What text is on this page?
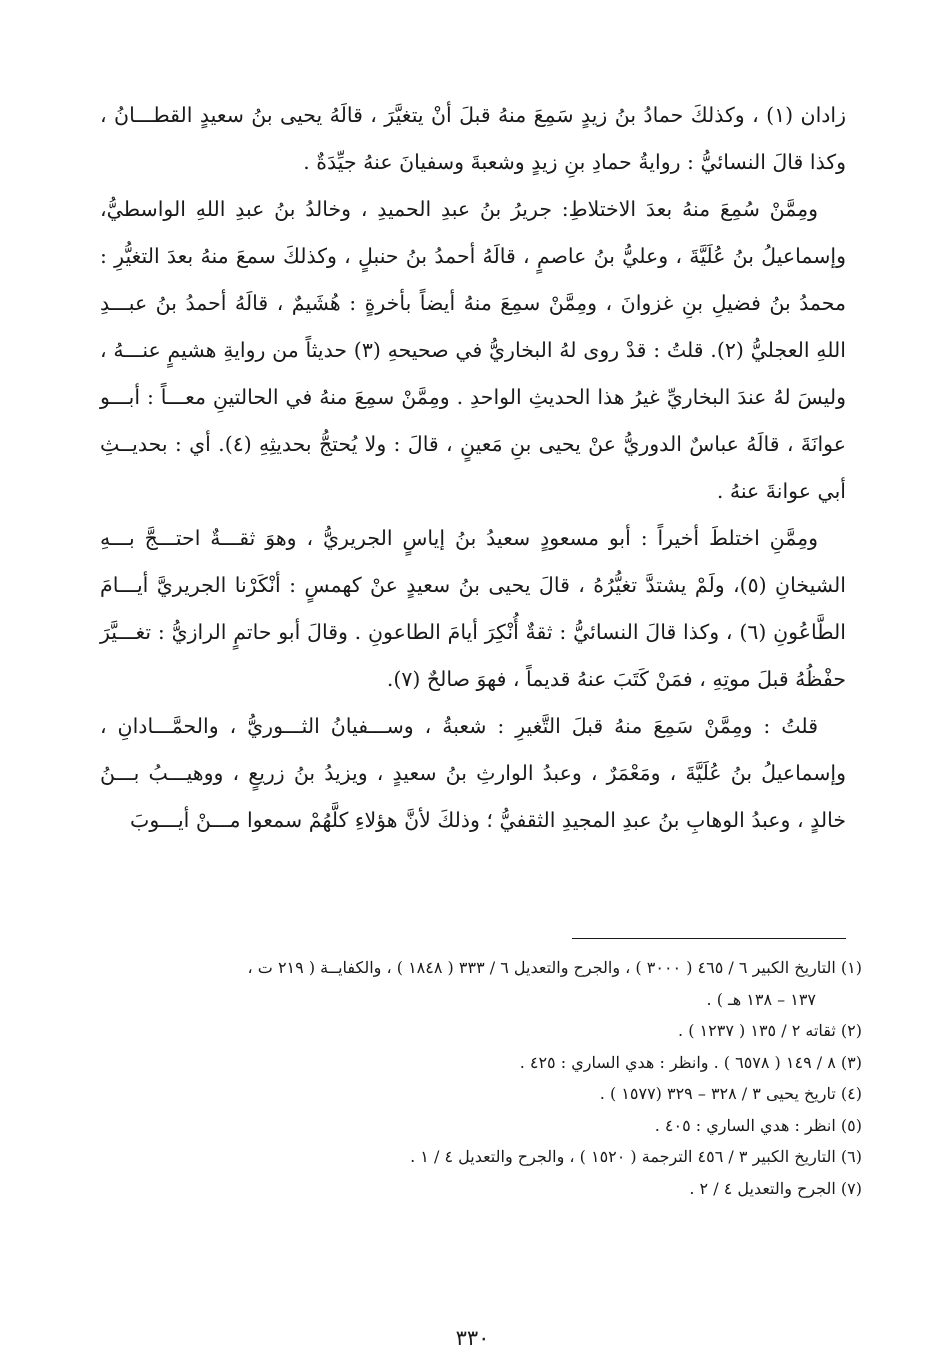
زادان (١) ، وكذلكَ حمادُ بنُ زيدٍ سَمِعَ منهُ قبلَ أنْ يتغيَّرَ ، قالَهُ يحيى بنُ سعيدٍ القطـــانُ ، وكذا قالَ النسائيُّ : روايةُ حمادِ بنِ زيدٍ وشعبةَ وسفيانَ عنهُ جيِّدَةٌ .

ومِمَّنْ سُمِعَ منهُ بعدَ الاختلاطِ: جريرُ بنُ عبدِ الحميدِ ، وخالدُ بنُ عبدِ اللهِ الواسطيُّ، وإسماعيلُ بنُ عُلَيَّةَ ، وعليُّ بنُ عاصمٍ ، قالَهُ أحمدُ بنُ حنبلٍ ، وكذلكَ سمعَ منهُ بعدَ التغيُّرِ : محمدُ بنُ فضيلِ بنِ غزوانَ ، ومِمَّنْ سمِعَ منهُ أيضاً بأخرةٍ : هُشَيمٌ ، قالَهُ أحمدُ بنُ عبـــدِ اللهِ العجليُّ (٢). قلتُ : قدْ روى لهُ البخاريُّ في صحيحهِ (٣) حديثاً من روايةِ هشيمٍ عنـــهُ ، وليسَ لهُ عندَ البخاريِّ غيرُ هذا الحديثِ الواحدِ . ومِمَّنْ سمِعَ منهُ في الحالتينِ معـــاً : أبـــو عوانَةَ ، قالَهُ عباسٌ الدوريُّ عنْ يحيى بنِ مَعينٍ ، قالَ : ولا يُحتجُّ بحديثِهِ (٤). أي : بحديــثِ أبي عوانةَ عنهُ .

ومِمَّنِ اختلطَ أخيراً : أبو مسعودٍ سعيدُ بنُ إياسٍ الجريريُّ ، وهوَ ثقـــةٌ احتـــجَّ بـــهِ الشيخانِ (٥)، ولَمْ يشتدَّ تغيُّرُهُ ، قالَ يحيى بنُ سعيدٍ عنْ كهمسٍ : أنْكَرْنا الجريريَّ أيـــامَ الطَّاعُونِ (٦) ، وكذا قالَ النسائيُّ : ثقةٌ أُنْكِرَ أيامَ الطاعونِ . وقالَ أبو حاتمٍ الرازيُّ : تغـــيَّرَ حفْظُهُ قبلَ موتِهِ ، فمَنْ كَتَبَ عنهُ قديماً ، فهوَ صالحٌ (٧).

قلتُ : ومِمَّنْ سَمِعَ منهُ قبلَ التَّغيرِ : شعبةُ ، وســـفيانُ الثـــوريُّ ، والحمَّـــادانِ ، وإسماعيلُ بنُ عُلَيَّةَ ، ومَعْمَرٌ ، وعبدُ الوارثِ بنُ سعيدٍ ، ويزيدُ بنُ زريعٍ ، ووهيـــبُ بـــنُ خالدٍ ، وعبدُ الوهابِ بنُ عبدِ المجيدِ الثقفيُّ ؛ وذلكَ لأنَّ هؤلاءِ كلَّهُمْ سمعوا مـــنْ أيـــوبَ

(١) التاريخ الكبير ٦ / ٤٦٥ ( ٣٠٠٠ ) ، والجرح والتعديل ٦ / ٣٣٣ ( ١٨٤٨ ) ، والكفايــة ( ٢١٩ ت ،

١٣٧ – ١٣٨ هـ ) .

(٢) ثقاته ٢ / ١٣٥ ( ١٢٣٧ ) .

(٣) ٨ / ١٤٩ ( ٦٥٧٨ ) . وانظر : هدي الساري : ٤٢٥ .

(٤) تاريخ يحيى ٣ / ٣٢٨ – ٣٢٩ (١٥٧٧ ) .

(٥) انظر : هدي الساري : ٤٠٥ .

(٦) التاريخ الكبير ٣ / ٤٥٦ الترجمة ( ١٥٢٠ ) ، والجرح والتعديل ٤ / ١ .

(٧) الجرح والتعديل ٤ / ٢ .

٣٣٠
